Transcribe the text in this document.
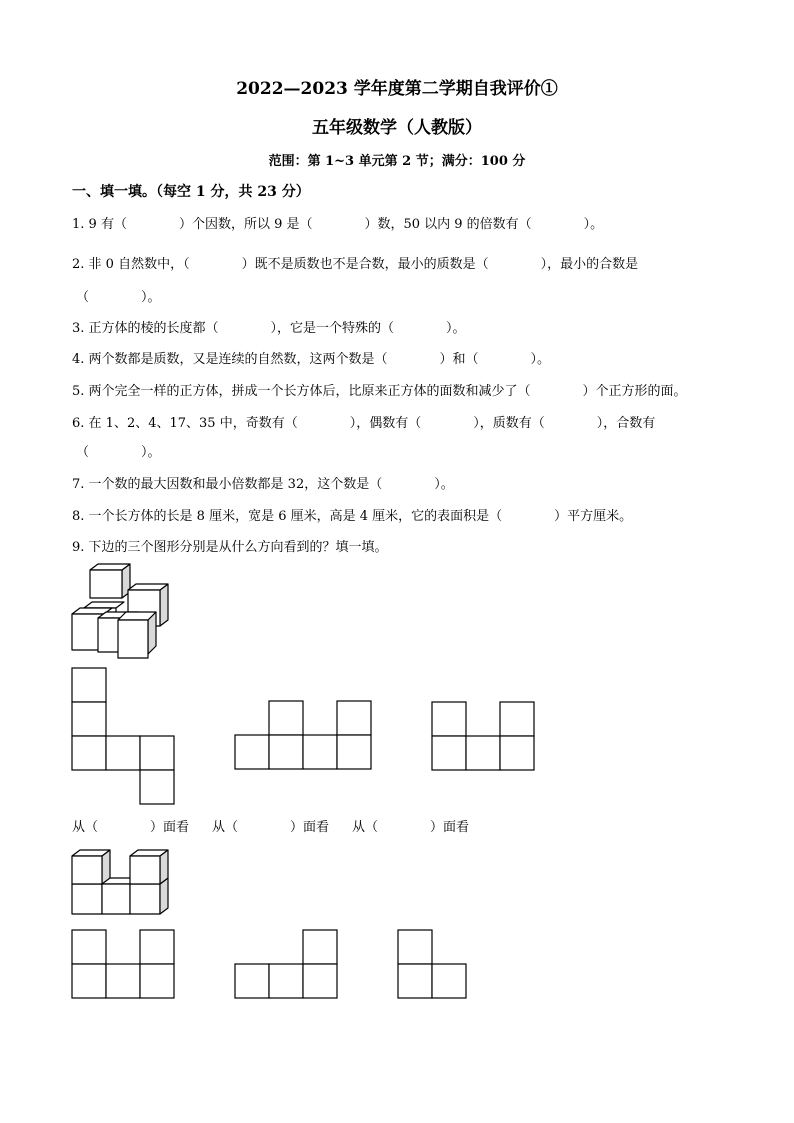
2022—2023 学年度第二学期自我评价①
五年级数学（人教版）
范围：第 1~3 单元第 2 节；满分：100 分
一、填一填。（每空 1 分，共 23 分）
1. 9 有（　　　　）个因数，所以 9 是（　　　　）数，50 以内 9 的倍数有（　　　　）。
2. 非 0 自然数中，（　　　　）既不是质数也不是合数，最小的质数是（　　　　），最小的合数是
（　　　　）。
3. 正方体的棱的长度都（　　　　），它是一个特殊的（　　　　）。
4. 两个数都是质数，又是连续的自然数，这两个数是（　　　　）和（　　　　）。
5. 两个完全一样的正方体，拼成一个长方体后，比原来正方体的面数和减少了（　　　　）个正方形的面。
6. 在 1、2、4、17、35 中，奇数有（　　　　），偶数有（　　　　），质数有（　　　　），合数有
（　　　　）。
7. 一个数的最大因数和最小倍数都是 32，这个数是（　　　　）。
8. 一个长方体的长是 8 厘米，宽是 6 厘米，高是 4 厘米，它的表面积是（　　　　）平方厘米。
9. 下边的三个图形分别是从什么方向看到的？填一填。
从（　　　　）面看 从（　　　　）面看 从（　　　　）面看
